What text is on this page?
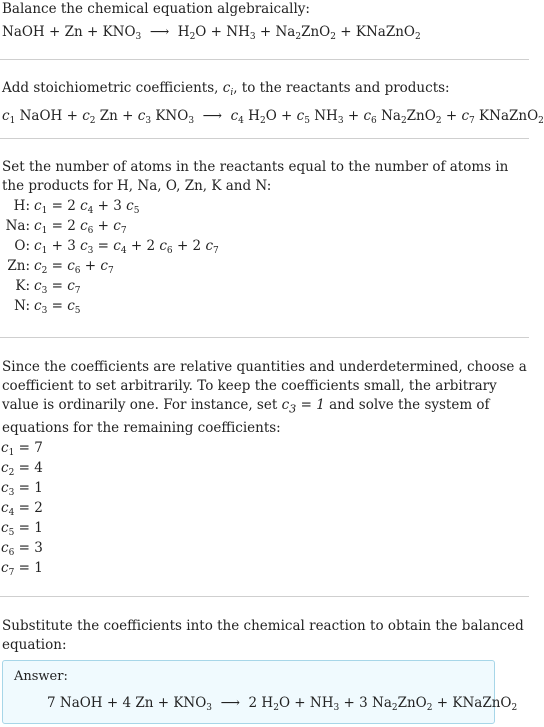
Balance the chemical equation algebraically:

NaOH + $Zn + KNO_3$  ⟶  $H_2O + NH_3 + Na_2ZnO_2$ + KNaZnO$_2$

Add stoichiometric coefficients, $c_i$, to the reactants and products:

$c_1$ NaOH + $c_2$ $Zn + c_3$ $KNO_3$  ⟶  $c_4$ $H_2O + c_5$ $NH_3 + c_6$ $Na_2ZnO_2 + c_7$ KNaZnO$_2$

Set the number of atoms in the reactants equal to the number of atoms in the products for H, Na, O, Zn, K and N:

H: $c_1 = 2$ $c_4 + 3$ $c_5$
Na: $c_1 = 2$ $c_6 + c_7$
O: $c_1 + 3$ $c_3 = c_4 + 2$ $c_6 + 2$ $c_7$
Zn: $c_2 = c_6 + c_7$
K: $c_3 = c_7$
N: $c_3 = c_5$

Since the coefficients are relative quantities and underdetermined, choose a coefficient to set arbitrarily. To keep the coefficients small, the arbitrary value is ordinarily one. For instance, set $c_3 = 1$ and solve the system of equations for the remaining coefficients:

$c_1 = 7$
$c_2 = 4$
$c_3 = 1$
$c_4 = 2$
$c_5 = 1$
$c_6 = 3$
$c_7 = 1$

Substitute the coefficients into the chemical reaction to obtain the balanced equation:

Answer:
7 NaOH + 4 $Zn + KNO_3$  ⟶  2 $H_2O + NH_3 + 3$ $Na_2ZnO_2$ + KNaZnO$_2$
